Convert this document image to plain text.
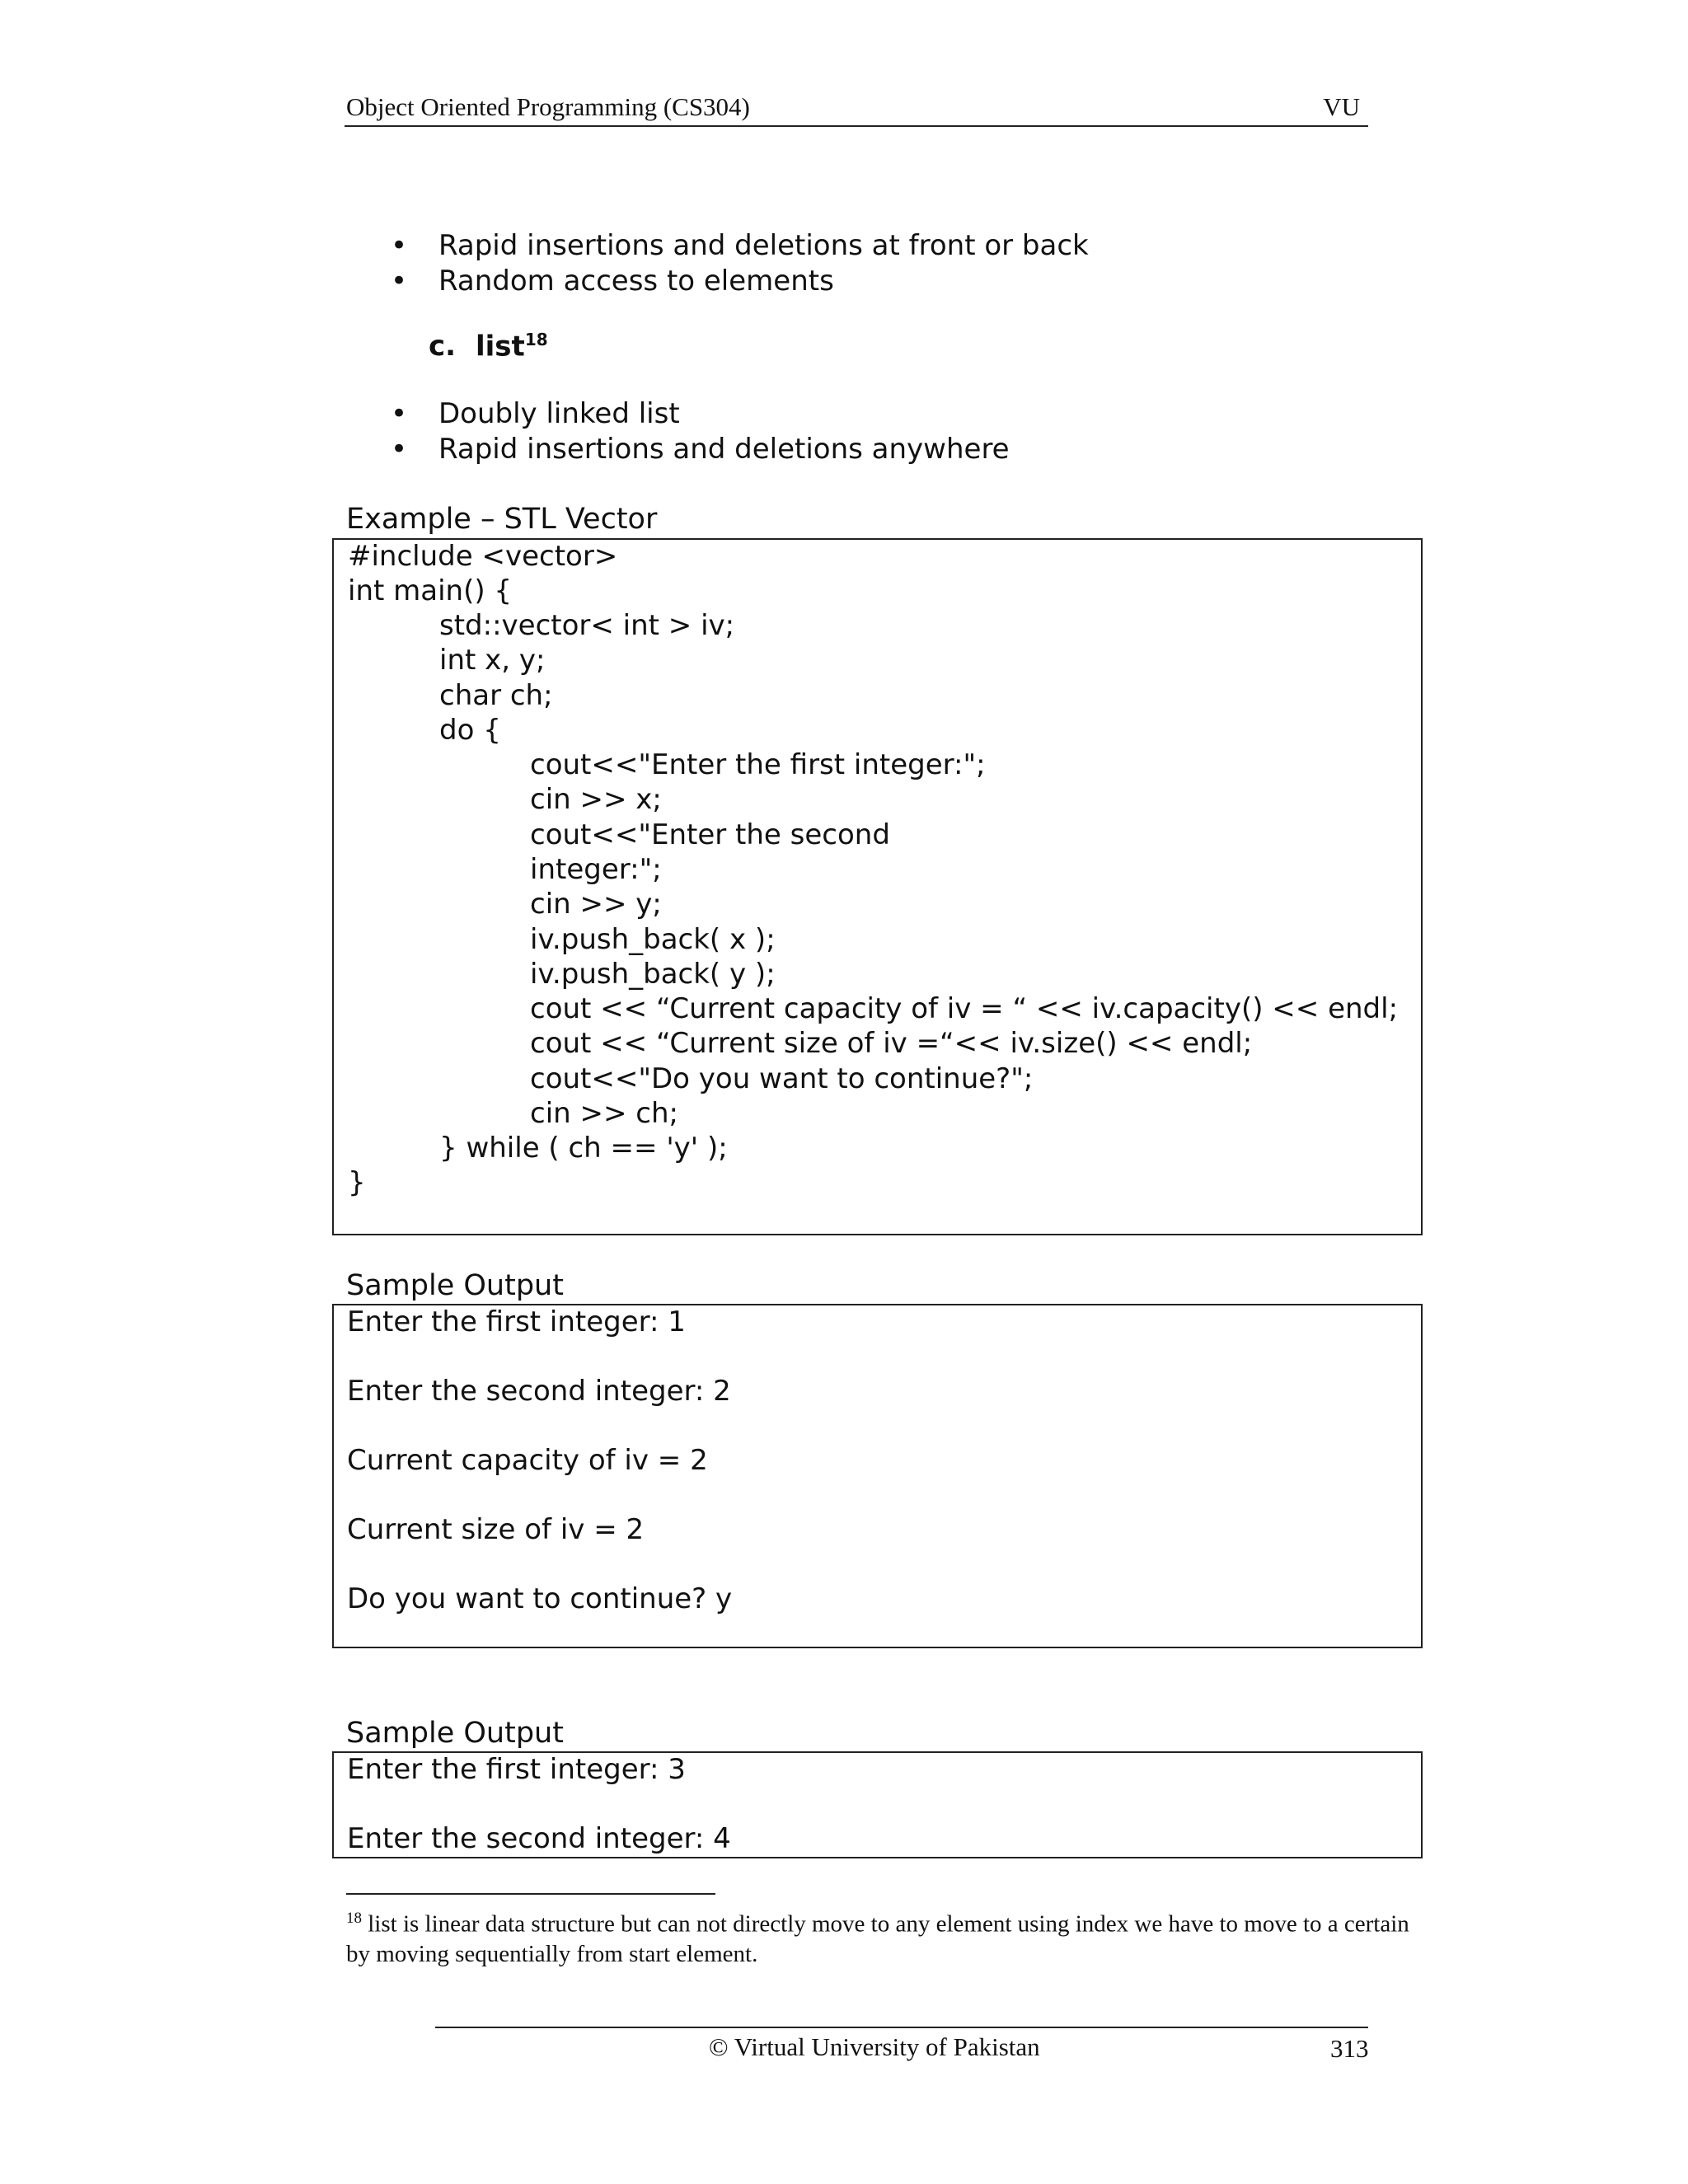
Object Oriented Programming (CS304)	VU
• Rapid insertions and deletions at front or back
• Random access to elements
c. list$^{18}$
• Doubly linked list
• Rapid insertions and deletions anywhere
Example – STL Vector
#include <vector>
int main() {
std::vector< int > iv;
int x, y;
char ch;
do {
cout<<"Enter the first integer:";
cin >> x;
cout<<"Enter the second
integer:";
cin >> y;
iv.push_back( x );
iv.push_back( y );
cout << “Current capacity of iv = “ << iv.capacity() << endl;
cout << “Current size of iv =“<< iv.size() << endl;
cout<<"Do you want to continue?";
cin >> ch;
} while ( ch == 'y' );
}
Sample Output
Enter the first integer: 1
Enter the second integer: 2
Current capacity of iv = 2
Current size of iv = 2
Do you want to continue? y
Sample Output
Enter the first integer: 3
Enter the second integer: 4
$^{18}$ list is linear data structure but can not directly move to any element using index we have to move to a certain by moving sequentially from start element.
© Virtual University of Pakistan	313
